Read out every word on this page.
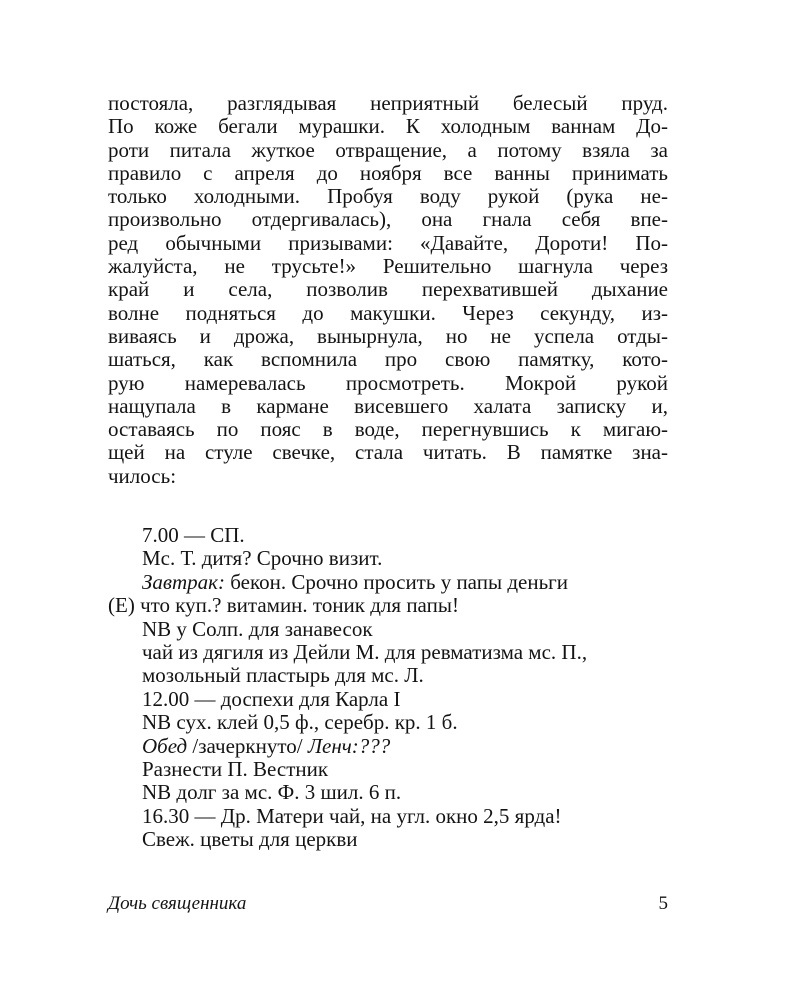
постояла, разглядывая неприятный белесый пруд.
По коже бегали мурашки. К холодным ваннам До-
роти питала жуткое отвращение, а потому взяла за
правило с апреля до ноября все ванны принимать
только холодными. Пробуя воду рукой (рука не-
произвольно отдергивалась), она гнала себя впе-
ред обычными призывами: «Давайте, Дороти! По-
жалуйста, не трусьте!» Решительно шагнула через
край и села, позволив перехватившей дыхание
волне подняться до макушки. Через секунду, из-
виваясь и дрожа, вынырнула, но не успела отды-
шаться, как вспомнила про свою памятку, кото-
рую намеревалась просмотреть. Мокрой рукой
нащупала в кармане висевшего халата записку и,
оставаясь по пояс в воде, перегнувшись к мигаю-
щей на стуле свечке, стала читать. В памятке зна-
чилось:
7.00 — СП.
Мс. Т. дитя? Срочно визит.
Завтрак: бекон. Срочно просить у папы деньги
(Е) что куп.? витамин. тоник для папы!
NB у Солп. для занавесок
чай из дягиля из Дейли М. для ревматизма мс. П.,
мозольный пластырь для мс. Л.
12.00 — доспехи для Карла I
NB сух. клей 0,5 ф., серебр. кр. 1 б.
Обед /зачеркнуто/ Ленч:???
Разнести П. Вестник
NB долг за мс. Ф. 3 шил. 6 п.
16.30 — Др. Матери чай, на угл. окно 2,5 ярда!
Свеж. цветы для церкви
Дочь священника	5
